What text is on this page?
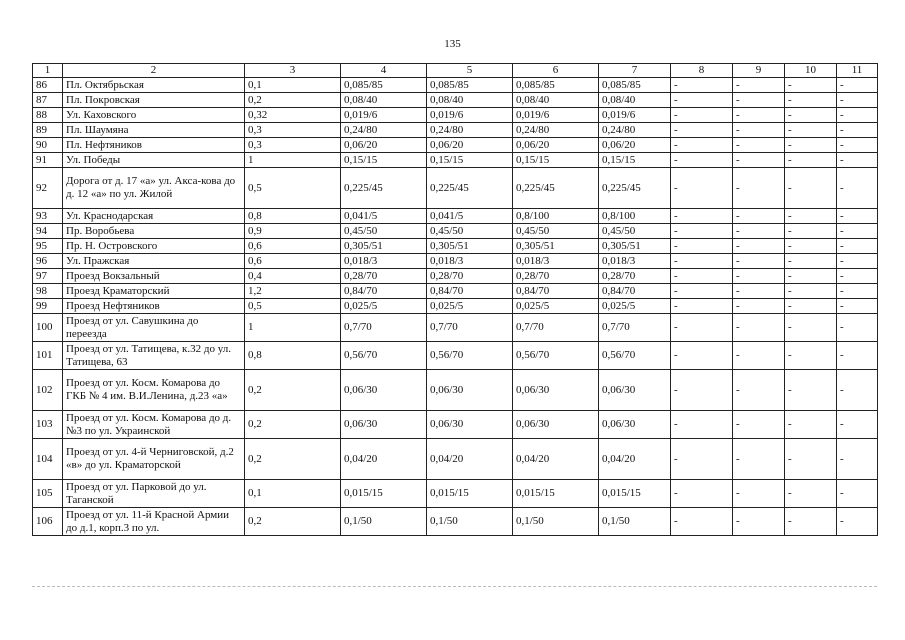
135
1	2	3	4	5	6	7	8	9	10	11
86	Пл. Октябрьская	0,1	0,085/85	0,085/85	0,085/85	0,085/85	-	-	-	-
87	Пл. Покровская	0,2	0,08/40	0,08/40	0,08/40	0,08/40	-	-	-	-
88	Ул. Каховского	0,32	0,019/6	0,019/6	0,019/6	0,019/6	-	-	-	-
89	Пл. Шаумяна	0,3	0,24/80	0,24/80	0,24/80	0,24/80	-	-	-	-
90	Пл. Нефтяников	0,3	0,06/20	0,06/20	0,06/20	0,06/20	-	-	-	-
91	Ул. Победы	1	0,15/15	0,15/15	0,15/15	0,15/15	-	-	-	-
92	Дорога от д. 17 «а» ул. Акса-кова до д. 12 «а» по ул. Жилой	0,5	0,225/45	0,225/45	0,225/45	0,225/45	-	-	-	-
93	Ул. Краснодарская	0,8	0,041/5	0,041/5	0,8/100	0,8/100	-	-	-	-
94	Пр. Воробьева	0,9	0,45/50	0,45/50	0,45/50	0,45/50	-	-	-	-
95	Пр. Н. Островского	0,6	0,305/51	0,305/51	0,305/51	0,305/51	-	-	-	-
96	Ул. Пражская	0,6	0,018/3	0,018/3	0,018/3	0,018/3	-	-	-	-
97	Проезд Вокзальный	0,4	0,28/70	0,28/70	0,28/70	0,28/70	-	-	-	-
98	Проезд Краматорский	1,2	0,84/70	0,84/70	0,84/70	0,84/70	-	-	-	-
99	Проезд Нефтяников	0,5	0,025/5	0,025/5	0,025/5	0,025/5	-	-	-	-
100	Проезд от ул. Савушкина до переезда	1	0,7/70	0,7/70	0,7/70	0,7/70	-	-	-	-
101	Проезд от ул. Татищева, к.32 до ул. Татищева, 63	0,8	0,56/70	0,56/70	0,56/70	0,56/70	-	-	-	-
102	Проезд от ул. Косм. Комарова до ГКБ № 4 им. В.И.Ленина, д.23 «а»	0,2	0,06/30	0,06/30	0,06/30	0,06/30	-	-	-	-
103	Проезд от ул. Косм. Комарова до д.№3 по ул. Украинской	0,2	0,06/30	0,06/30	0,06/30	0,06/30	-	-	-	-
104	Проезд от ул. 4-й Черниговской, д.2 «в» до ул. Краматорской	0,2	0,04/20	0,04/20	0,04/20	0,04/20	-	-	-	-
105	Проезд от ул. Парковой до ул. Таганской	0,1	0,015/15	0,015/15	0,015/15	0,015/15	-	-	-	-
106	Проезд от ул. 11-й Красной Армии до д.1, корп.3 по ул.	0,2	0,1/50	0,1/50	0,1/50	0,1/50	-	-	-	-
